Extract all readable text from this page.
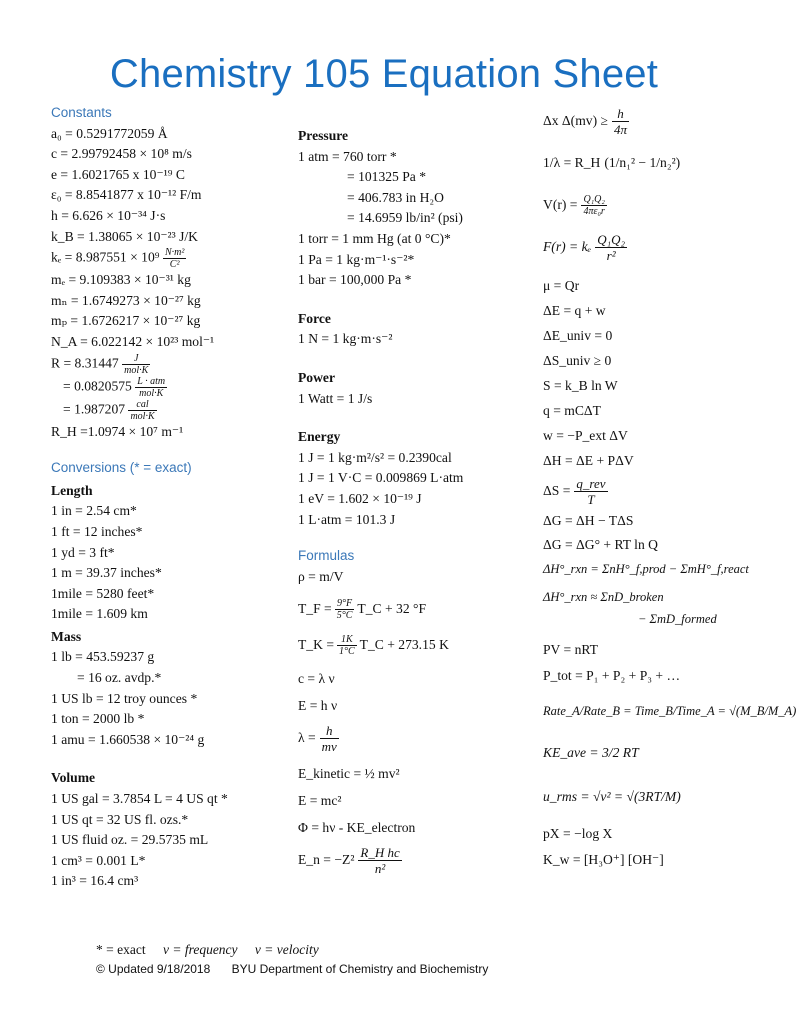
Chemistry 105 Equation Sheet
Constants
a₀ = 0.5291772059 Å
c = 2.99792458 × 10⁸ m/s
e = 1.6021765 x 10⁻¹⁹ C
ε₀ = 8.8541877 x 10⁻¹² F/m
h = 6.626 × 10⁻³⁴ J·s
k_B = 1.38065 × 10⁻²³ J/K
$k_e = 8.987551 \times 10^9 \frac{\text{N·m²}}{\text{C²}}$
mₑ = 9.109383 × 10⁻³¹ kg
mₙ = 1.6749273 × 10⁻²⁷ kg
mₚ = 1.6726217 × 10⁻²⁷ kg
N_A = 6.022142 × 10²³ mol⁻¹
$R = 8.31447 \frac{J}{\text{mol·K}}$
= $0.0820575 \frac{\text{L · atm}}{\text{mol·K}}$
= $1.987207 \frac{\text{cal}}{\text{mol·K}}$
R_H =1.0974 × 10⁷ m⁻¹
Conversions (* = exact)
Length
1 in = 2.54 cm*
1 ft = 12 inches*
1 yd = 3 ft*
1 m = 39.37 inches*
1mile = 5280 feet*
1mile = 1.609 km
Mass
1 lb = 453.59237 g
= 16 oz. avdp.*
1 US lb = 12 troy ounces *
1 ton = 2000 lb *
1 amu = 1.660538 × 10⁻²⁴ g
Volume
1 US gal = 3.7854 L = 4 US qt *
1 US qt = 32 US fl. ozs.*
1 US fluid oz. = 29.5735 mL
1 cm³ = 0.001 L*
1 in³ = 16.4 cm³
Pressure
1 atm = 760 torr *
= 101325 Pa *
= 406.783 in H₂O
= 14.6959 lb/in² (psi)
1 torr = 1 mm Hg (at 0 °C)*
1 Pa = 1 kg·m⁻¹·s⁻²*
1 bar = 100,000 Pa *
Force
1 N = 1 kg·m·s⁻²
Power
1 Watt = 1 J/s
Energy
1 J = 1 kg·m²/s² = 0.2390cal
1 J = 1 V·C = 0.009869 L·atm
1 eV = 1.602 × 10⁻¹⁹ J
1 L·atm = 101.3 J
Formulas
ρ = m/V
T_F = $\frac{9^\circ F}{5^\circ C}$ T_C + 32 °F
T_K = $\frac{1K}{1^\circ C}$ T_C + 273.15 K
c = λ ν
E = h ν
$\lambda = \frac{h}{mv}$
E_kinetic = ½ mv²
E = mc²
Φ = hν - KE_electron
E_n = $-Z^2 \frac{\text{R\_H hc}}{\text{n²}}$
Δx $\Delta(mv) \ge \frac{h}{4\pi}$
1/λ = R_H (1/n₁² − 1/n₂²)
$V(r) = \frac{\text{Q₁Q₂}}{\text{4πε₀r}}$
F(r) = kₑ $\frac{\text{Q₁Q₂}}{\text{r²}}$
μ = Qr
ΔE = q + w
ΔE_univ = 0
ΔS_univ ≥ 0
S = k_B ln W
q = mCΔT
w = −P_ext ΔV
ΔH = ΔE + PΔV
$\Delta S = \frac{\text{q\_rev}}{T}$
ΔG = ΔH − TΔS
ΔG = ΔG° + RT ln Q
ΔH°_rxn = ΣnH°_f,prod − ΣmH°_f,react
ΔH°_rxn ≈ ΣnD_broken
− ΣmD_formed
PV = nRT
P_tot = P₁ + P₂ + P₃ + …
Rate_A/Rate_B = Time_B/Time_A = √(M_B/M_A)
KE_ave = 3/2 RT
u_rms = √v² = √(3RT/M)
pX = −log X
K_w = [H₃O⁺] [OH⁻]
* = exact ν = frequency v = velocity
© Updated 9/18/2018 BYU Department of Chemistry and Biochemistry
